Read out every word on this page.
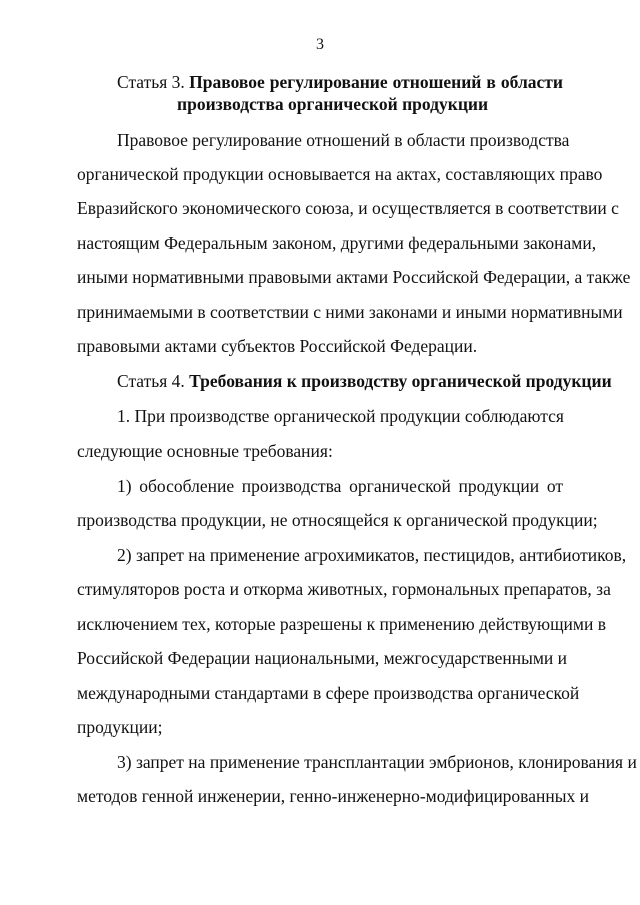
3
Статья 3. Правовое регулирование отношений в области
производства органической продукции
Правовое регулирование отношений в области производства
органической продукции основывается на актах, составляющих право
Евразийского экономического союза, и осуществляется в соответствии с
настоящим Федеральным законом, другими федеральными законами,
иными нормативными правовыми актами Российской Федерации, а также
принимаемыми в соответствии с ними законами и иными нормативными
правовыми актами субъектов Российской Федерации.
Статья 4. Требования к производству органической продукции
1. При производстве органической продукции соблюдаются
следующие основные требования:
1) обособление производства органической продукции от
производства продукции, не относящейся к органической продукции;
2) запрет на применение агрохимикатов, пестицидов, антибиотиков,
стимуляторов роста и откорма животных, гормональных препаратов, за
исключением тех, которые разрешены к применению действующими в
Российской Федерации национальными, межгосударственными и
международными стандартами в сфере производства органической
продукции;
3) запрет на применение трансплантации эмбрионов, клонирования и
методов генной инженерии, генно-инженерно-модифицированных и
